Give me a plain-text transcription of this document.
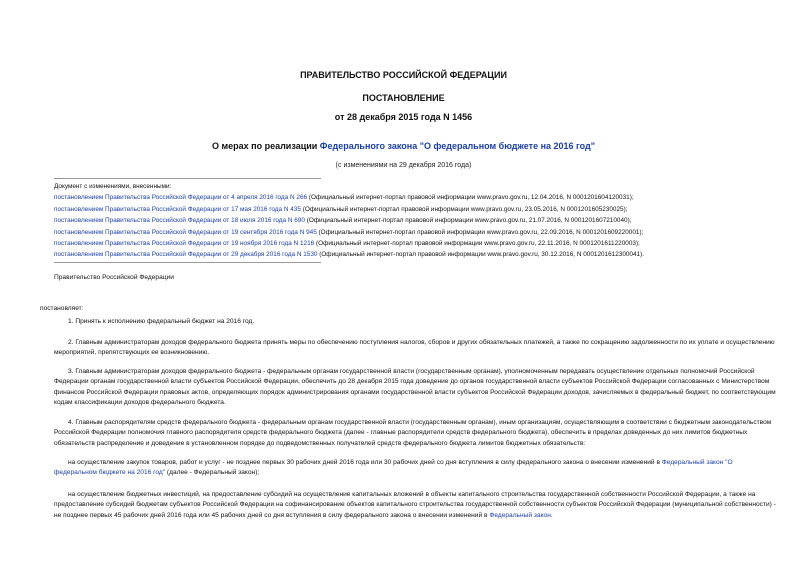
ПРАВИТЕЛЬСТВО РОССИЙСКОЙ ФЕДЕРАЦИИ
ПОСТАНОВЛЕНИЕ
от 28 декабря 2015 года N 1456
О мерах по реализации Федерального закона "О федеральном бюджете на 2016 год"
(с изменениями на 29 декабря 2016 года)
Документ с изменениями, внесенными:
постановлением Правительства Российской Федерации от 4 апреля 2016 года N 266 (Официальный интернет-портал правовой информации www.pravo.gov.ru, 12.04.2016, N 0001201604120031);
постановлением Правительства Российской Федерации от 17 мая 2016 года N 435 (Официальный интернет-портал правовой информации www.pravo.gov.ru, 23.05.2016, N 0001201605230025);
постановлением Правительства Российской Федерации от 18 июля 2016 года N 690 (Официальный интернет-портал правовой информации www.pravo.gov.ru, 21.07.2016, N 0001201607210040);
постановлением Правительства Российской Федерации от 19 сентября 2016 года N 945 (Официальный интернет-портал правовой информации www.pravo.gov.ru, 22.09.2016, N 0001201609220001);
постановлением Правительства Российской Федерации от 19 ноября 2016 года N 1216 (Официальный интернет-портал правовой информации www.pravo.gov.ru, 22.11.2016, N 0001201611220003);
постановлением Правительства Российской Федерации от 29 декабря 2016 года N 1530 (Официальный интернет-портал правовой информации www.pravo.gov.ru, 30.12.2016, N 0001201612300041).
Правительство Российской Федерации
постановляет:
1. Принять к исполнению федеральный бюджет на 2016 год.
2. Главным администраторам доходов федерального бюджета принять меры по обеспечению поступления налогов, сборов и других обязательных платежей, а также по сокращению задолженности по их уплате и осуществлению мероприятий, препятствующих ее возникновению.
3. Главным администраторам доходов федерального бюджета - федеральным органам государственной власти (государственным органам), уполномоченным передавать осуществление отдельных полномочий Российской Федерации органам государственной власти субъектов Российской Федерации, обеспечить до 28 декабря 2015 года доведение до органов государственной власти субъектов Российской Федерации согласованных с Министерством финансов Российской Федерации правовых актов, определяющих порядок администрирования органами государственной власти субъектов Российской Федерации доходов, зачисляемых в федеральный бюджет, по соответствующим кодам классификации доходов федерального бюджета.
4. Главным распорядителям средств федерального бюджета - федеральным органам государственной власти (государственным органам), иным организациям, осуществляющим в соответствии с бюджетным законодательством Российской Федерации полномочия главного распорядителя средств федерального бюджета (далее - главные распорядители средств федерального бюджета), обеспечить в пределах доведенных до них лимитов бюджетных обязательств распределение и доведение в установленном порядке до подведомственных получателей средств федерального бюджета лимитов бюджетных обязательств:
на осуществление закупок товаров, работ и услуг - не позднее первых 30 рабочих дней 2016 года или 30 рабочих дней со дня вступления в силу федерального закона о внесении изменений в Федеральный закон "О федеральном бюджете на 2016 год" (далее - Федеральный закон);
на осуществление бюджетных инвестиций, на предоставление субсидий на осуществление капитальных вложений в объекты капитального строительства государственной собственности Российской Федерации, а также на предоставление субсидий бюджетам субъектов Российской Федерации на софинансирование объектов капитального строительства государственной собственности субъектов Российской Федерации (муниципальной собственности) - не позднее первых 45 рабочих дней 2016 года или 45 рабочих дней со дня вступления в силу федерального закона о внесении изменений в Федеральный закон.
